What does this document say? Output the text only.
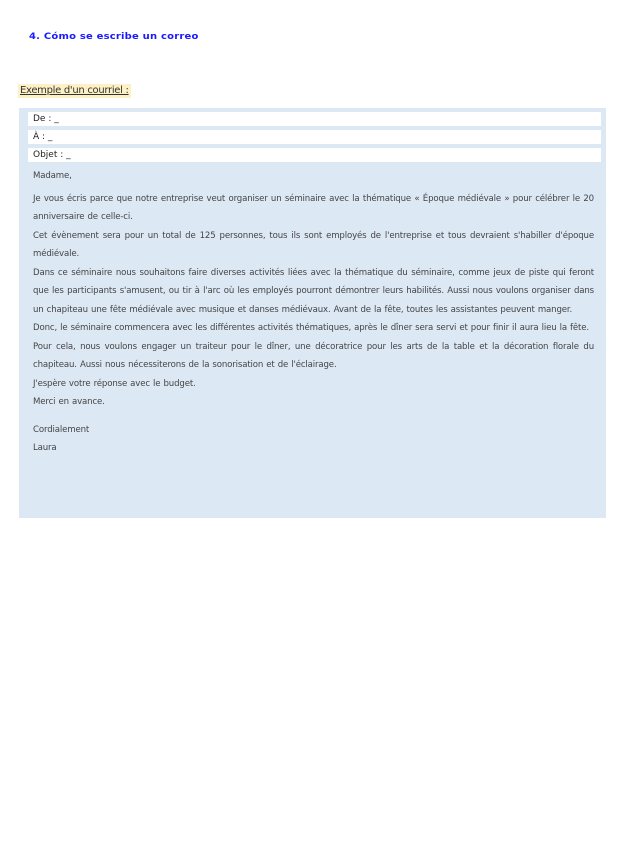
4. Cómo se escribe un correo
Exemple d'un courriel :
De : _
À : _
Objet : _
Madame,

Je vous écris parce que notre entreprise veut organiser un séminaire avec la thématique « Époque médiévale » pour célébrer le 20 anniversaire de celle-ci.

Cet évènement sera pour un total de 125 personnes, tous ils sont employés de l'entreprise et tous devraient s'habiller d'époque médiévale.

Dans ce séminaire nous souhaitons faire diverses activités liées avec la thématique du séminaire, comme jeux de piste qui feront que les participants s'amusent, ou tir à l'arc où les employés pourront démontrer leurs habilités. Aussi nous voulons organiser dans un chapiteau une fête médiévale avec musique et danses médiévaux. Avant de la fête, toutes les assistantes peuvent manger.

Donc, le séminaire commencera avec les différentes activités thématiques, après le dîner sera servi et pour finir il aura lieu la fête.

Pour cela, nous voulons engager un traiteur pour le dîner, une décoratrice pour les arts de la table et la décoration florale du chapiteau. Aussi nous nécessiterons de la sonorisation et de l'éclairage.

J'espère votre réponse avec le budget.

Merci en avance.

Cordialement
Laura
